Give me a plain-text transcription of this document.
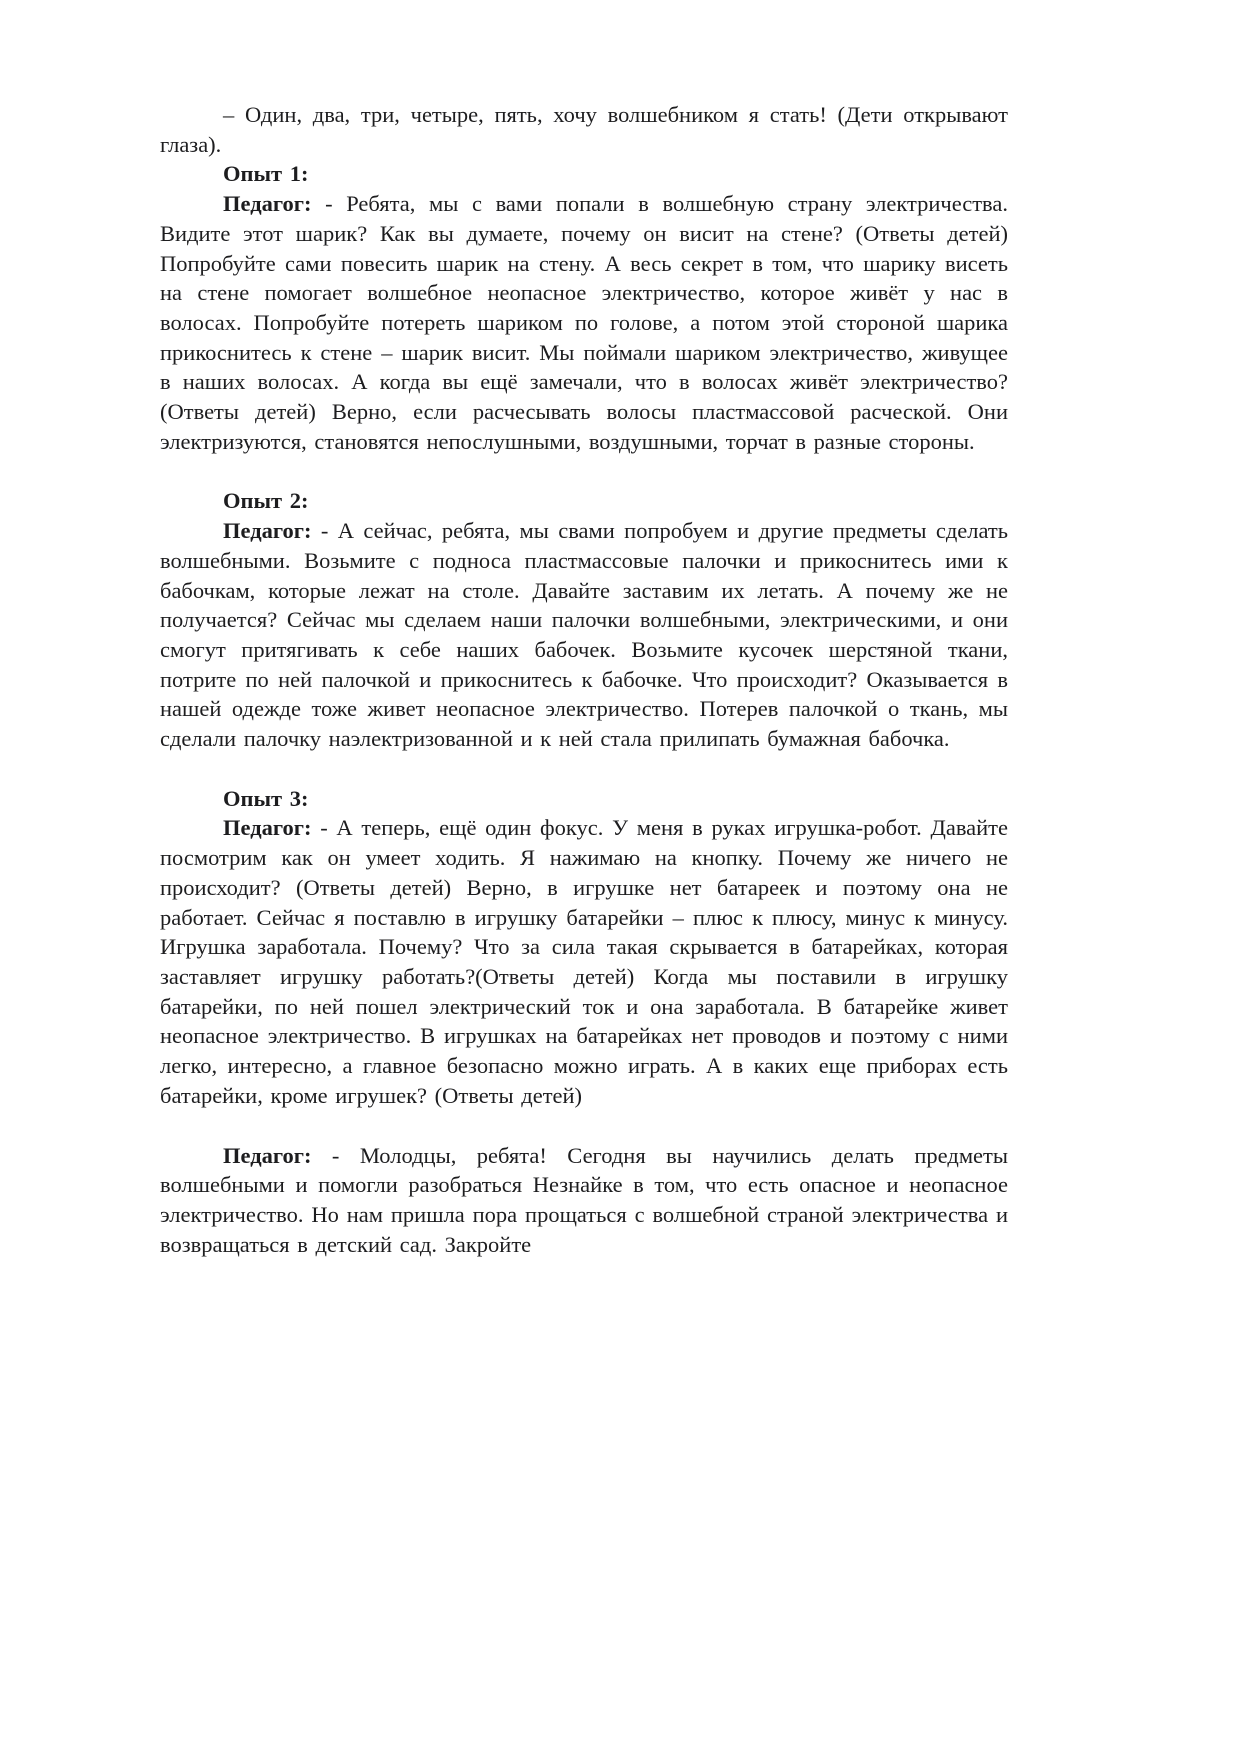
– Один, два, три, четыре, пять, хочу волшебником я стать! (Дети открывают глаза).

Опыт 1:

Педагог: - Ребята, мы с вами попали в волшебную страну электричества. Видите этот шарик? Как вы думаете, почему он висит на стене? (Ответы детей) Попробуйте сами повесить шарик на стену. А весь секрет в том, что шарику висеть на стене помогает волшебное неопасное электричество, которое живёт у нас в волосах. Попробуйте потереть шариком по голове, а потом этой стороной шарика прикоснитесь к стене – шарик висит. Мы поймали шариком электричество, живущее в наших волосах. А когда вы ещё замечали, что в волосах живёт электричество? (Ответы детей) Верно, если расчесывать волосы пластмассовой расческой. Они электризуются, становятся непослушными, воздушными, торчат в разные стороны.

Опыт 2:

Педагог: - А сейчас, ребята, мы свами попробуем и другие предметы сделать волшебными. Возьмите с подноса пластмассовые палочки и прикоснитесь ими к бабочкам, которые лежат на столе. Давайте заставим их летать. А почему же не получается? Сейчас мы сделаем наши палочки волшебными, электрическими, и они смогут притягивать к себе наших бабочек. Возьмите кусочек шерстяной ткани, потрите по ней палочкой и прикоснитесь к бабочке. Что происходит? Оказывается в нашей одежде тоже живет неопасное электричество. Потерев палочкой о ткань, мы сделали палочку наэлектризованной и к ней стала прилипать бумажная бабочка.

Опыт 3:

Педагог: - А теперь, ещё один фокус. У меня в руках игрушка-робот. Давайте посмотрим как он умеет ходить. Я нажимаю на кнопку. Почему же ничего не происходит? (Ответы детей) Верно, в игрушке нет батареек и поэтому она не работает. Сейчас я поставлю в игрушку батарейки – плюс к плюсу, минус к минусу. Игрушка заработала. Почему? Что за сила такая скрывается в батарейках, которая заставляет игрушку работать?(Ответы детей) Когда мы поставили в игрушку батарейки, по ней пошел электрический ток и она заработала. В батарейке живет неопасное электричество. В игрушках на батарейках нет проводов и поэтому с ними легко, интересно, а главное безопасно можно играть. А в каких еще приборах есть батарейки, кроме игрушек? (Ответы детей)

Педагог: - Молодцы, ребята! Сегодня вы научились делать предметы волшебными и помогли разобраться Незнайке в том, что есть опасное и неопасное электричество. Но нам пришла пора прощаться с волшебной страной электричества и возвращаться в детский сад. Закройте
